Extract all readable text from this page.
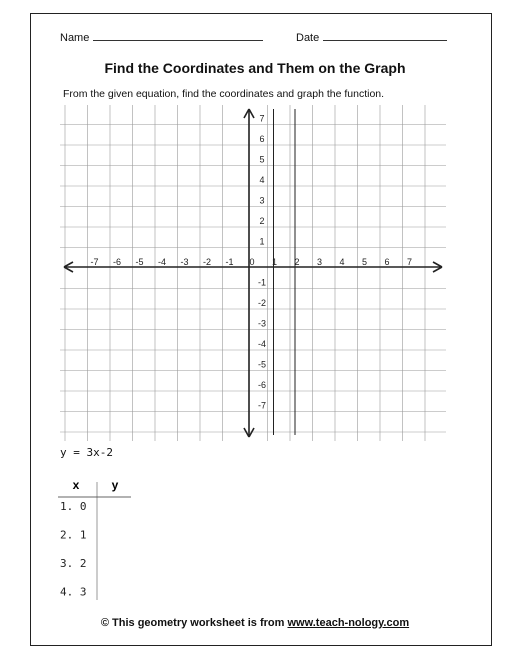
Name	Date
Find the Coordinates and Them on the Graph
From the given equation, find the coordinates and graph the function.
-7 -6 -5 -4 -3 -2 -1 0 1 2 3 4 5 6 7
7
6
5
4
3
2
1
-1
-2
-3
-4
-5
-6
-7
y = 3x-2
x	y
1. 0
2. 1
3. 2
4. 3
© This geometry worksheet is from www.teach-nology.com
